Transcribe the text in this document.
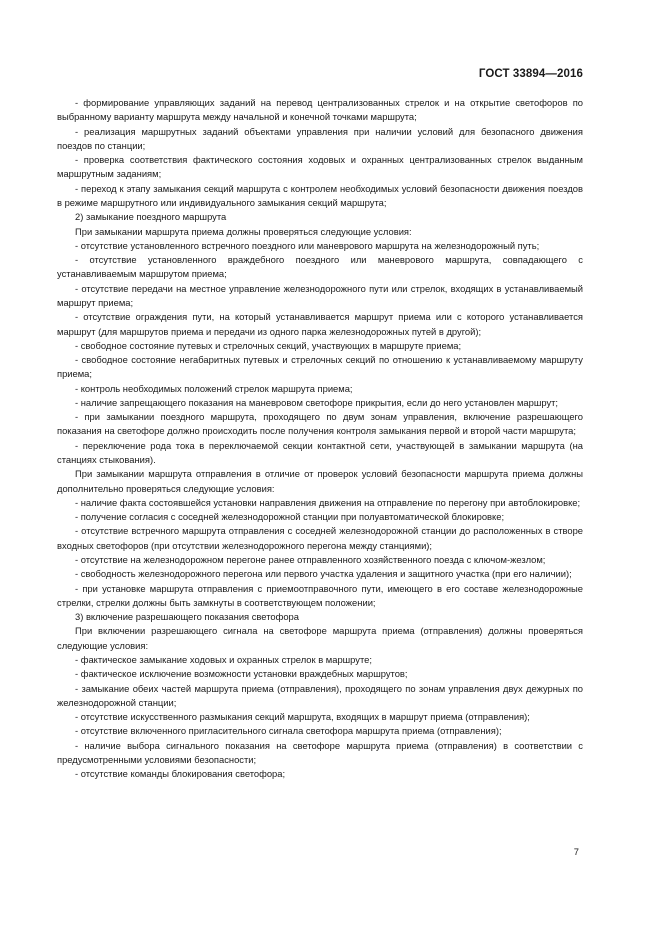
ГОСТ 33894—2016

- формирование управляющих заданий на перевод централизованных стрелок и на открытие светофоров по выбранному варианту маршрута между начальной и конечной точками маршрута;

- реализация маршрутных заданий объектами управления при наличии условий для безопасного движения поездов по станции;

- проверка соответствия фактического состояния ходовых и охранных централизованных стрелок выданным маршрутным заданиям;

- переход к этапу замыкания секций маршрута с контролем необходимых условий безопасности движения поездов в режиме маршрутного или индивидуального замыкания секций маршрута;

2) замыкание поездного маршрута

При замыкании маршрута приема должны проверяться следующие условия:

- отсутствие установленного встречного поездного или маневрового маршрута на железнодорожный путь;

- отсутствие установленного враждебного поездного или маневрового маршрута, совпадающего с устанавливаемым маршрутом приема;

- отсутствие передачи на местное управление железнодорожного пути или стрелок, входящих в устанавливаемый маршрут приема;

- отсутствие ограждения пути, на который устанавливается маршрут приема или с которого устанавливается маршрут (для маршрутов приема и передачи из одного парка железнодорожных путей в другой);

- свободное состояние путевых и стрелочных секций, участвующих в маршруте приема;

- свободное состояние негабаритных путевых и стрелочных секций по отношению к устанавливаемому маршруту приема;

- контроль необходимых положений стрелок маршрута приема;

- наличие запрещающего показания на маневровом светофоре прикрытия, если до него установлен маршрут;

- при замыкании поездного маршрута, проходящего по двум зонам управления, включение разрешающего показания на светофоре должно происходить после получения контроля замыкания первой и второй части маршрута;

- переключение рода тока в переключаемой секции контактной сети, участвующей в замыкании маршрута (на станциях стыкования).

При замыкании маршрута отправления в отличие от проверок условий безопасности маршрута приема должны дополнительно проверяться следующие условия:

- наличие факта состоявшейся установки направления движения на отправление по перегону при автоблокировке;

- получение согласия с соседней железнодорожной станции при полуавтоматической блокировке;

- отсутствие встречного маршрута отправления с соседней железнодорожной станции до расположенных в створе входных светофоров (при отсутствии железнодорожного перегона между станциями);

- отсутствие на железнодорожном перегоне ранее отправленного хозяйственного поезда с ключом-жезлом;

- свободность железнодорожного перегона или первого участка удаления и защитного участка (при его наличии);

- при установке маршрута отправления с приемоотправочного пути, имеющего в его составе железнодорожные стрелки, стрелки должны быть замкнуты в соответствующем положении;

3) включение разрешающего показания светофора

При включении разрешающего сигнала на светофоре маршрута приема (отправления) должны проверяться следующие условия:

- фактическое замыкание ходовых и охранных стрелок в маршруте;

- фактическое исключение возможности установки враждебных маршрутов;

- замыкание обеих частей маршрута приема (отправления), проходящего по зонам управления двух дежурных по железнодорожной станции;

- отсутствие искусственного размыкания секций маршрута, входящих в маршрут приема (отправления);

- отсутствие включенного пригласительного сигнала светофора маршрута приема (отправления);

- наличие выбора сигнального показания на светофоре маршрута приема (отправления) в соответствии с предусмотренными условиями безопасности;

- отсутствие команды блокирования светофора;

7
